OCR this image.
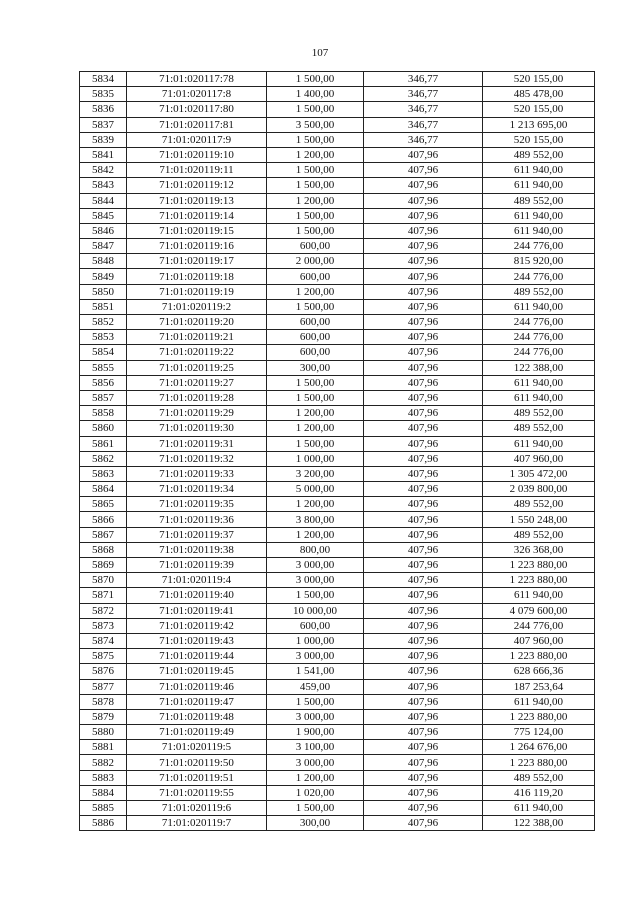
107
5834	71:01:020117:78	1 500,00	346,77	520 155,00
5835	71:01:020117:8	1 400,00	346,77	485 478,00
5836	71:01:020117:80	1 500,00	346,77	520 155,00
5837	71:01:020117:81	3 500,00	346,77	1 213 695,00
5839	71:01:020117:9	1 500,00	346,77	520 155,00
5841	71:01:020119:10	1 200,00	407,96	489 552,00
5842	71:01:020119:11	1 500,00	407,96	611 940,00
5843	71:01:020119:12	1 500,00	407,96	611 940,00
5844	71:01:020119:13	1 200,00	407,96	489 552,00
5845	71:01:020119:14	1 500,00	407,96	611 940,00
5846	71:01:020119:15	1 500,00	407,96	611 940,00
5847	71:01:020119:16	600,00	407,96	244 776,00
5848	71:01:020119:17	2 000,00	407,96	815 920,00
5849	71:01:020119:18	600,00	407,96	244 776,00
5850	71:01:020119:19	1 200,00	407,96	489 552,00
5851	71:01:020119:2	1 500,00	407,96	611 940,00
5852	71:01:020119:20	600,00	407,96	244 776,00
5853	71:01:020119:21	600,00	407,96	244 776,00
5854	71:01:020119:22	600,00	407,96	244 776,00
5855	71:01:020119:25	300,00	407,96	122 388,00
5856	71:01:020119:27	1 500,00	407,96	611 940,00
5857	71:01:020119:28	1 500,00	407,96	611 940,00
5858	71:01:020119:29	1 200,00	407,96	489 552,00
5860	71:01:020119:30	1 200,00	407,96	489 552,00
5861	71:01:020119:31	1 500,00	407,96	611 940,00
5862	71:01:020119:32	1 000,00	407,96	407 960,00
5863	71:01:020119:33	3 200,00	407,96	1 305 472,00
5864	71:01:020119:34	5 000,00	407,96	2 039 800,00
5865	71:01:020119:35	1 200,00	407,96	489 552,00
5866	71:01:020119:36	3 800,00	407,96	1 550 248,00
5867	71:01:020119:37	1 200,00	407,96	489 552,00
5868	71:01:020119:38	800,00	407,96	326 368,00
5869	71:01:020119:39	3 000,00	407,96	1 223 880,00
5870	71:01:020119:4	3 000,00	407,96	1 223 880,00
5871	71:01:020119:40	1 500,00	407,96	611 940,00
5872	71:01:020119:41	10 000,00	407,96	4 079 600,00
5873	71:01:020119:42	600,00	407,96	244 776,00
5874	71:01:020119:43	1 000,00	407,96	407 960,00
5875	71:01:020119:44	3 000,00	407,96	1 223 880,00
5876	71:01:020119:45	1 541,00	407,96	628 666,36
5877	71:01:020119:46	459,00	407,96	187 253,64
5878	71:01:020119:47	1 500,00	407,96	611 940,00
5879	71:01:020119:48	3 000,00	407,96	1 223 880,00
5880	71:01:020119:49	1 900,00	407,96	775 124,00
5881	71:01:020119:5	3 100,00	407,96	1 264 676,00
5882	71:01:020119:50	3 000,00	407,96	1 223 880,00
5883	71:01:020119:51	1 200,00	407,96	489 552,00
5884	71:01:020119:55	1 020,00	407,96	416 119,20
5885	71:01:020119:6	1 500,00	407,96	611 940,00
5886	71:01:020119:7	300,00	407,96	122 388,00
